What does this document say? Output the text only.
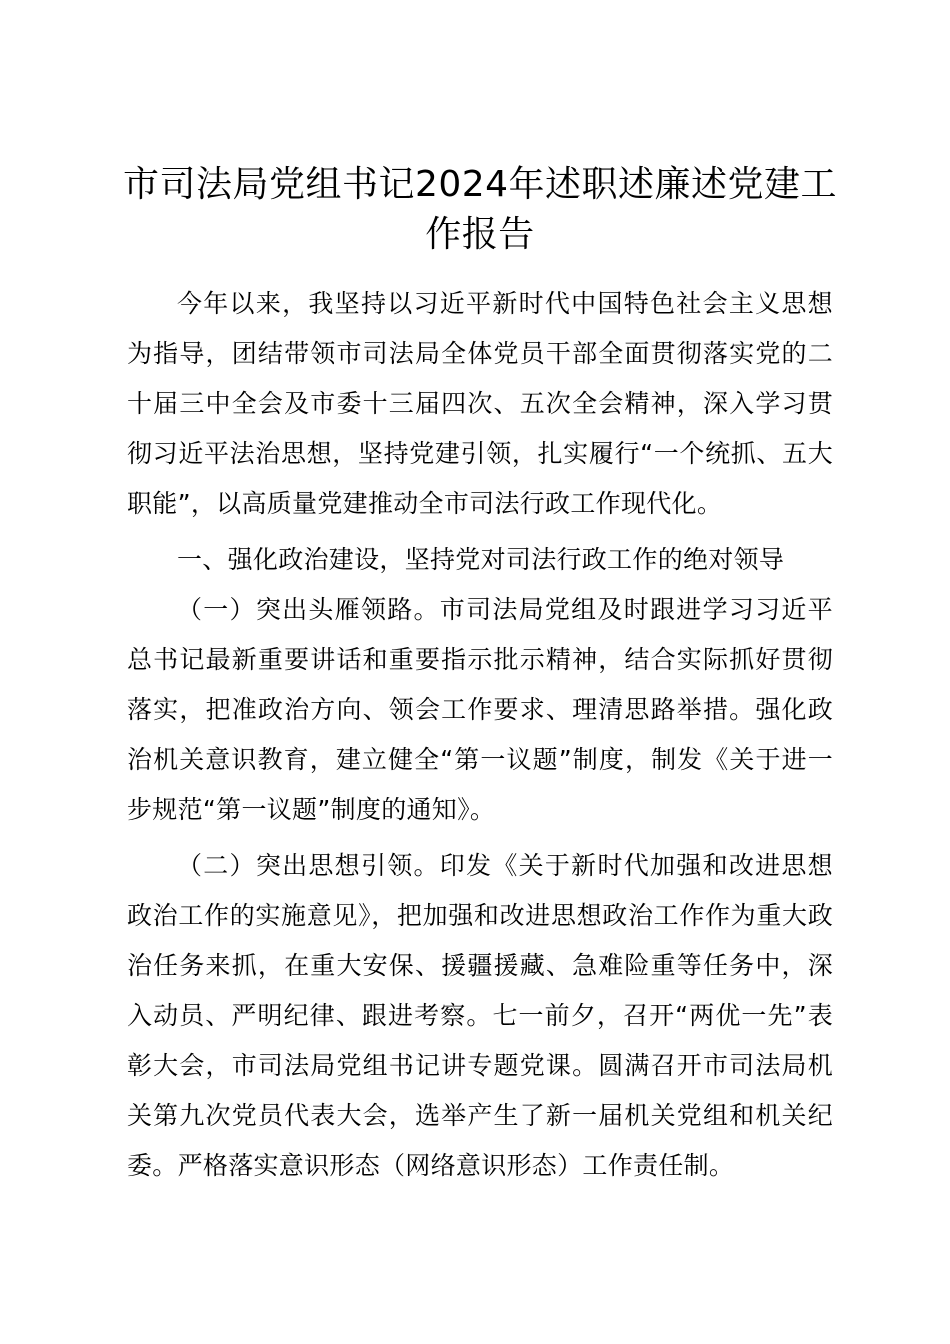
市司法局党组书记2024年述职述廉述党建工作报告

今年以来，我坚持以习近平新时代中国特色社会主义思想为指导，团结带领市司法局全体党员干部全面贯彻落实党的二十届三中全会及市委十三届四次、五次全会精神，深入学习贯彻习近平法治思想，坚持党建引领，扎实履行“一个统抓、五大职能”，以高质量党建推动全市司法行政工作现代化。

一、强化政治建设，坚持党对司法行政工作的绝对领导

（一）突出头雁领路。市司法局党组及时跟进学习习近平总书记最新重要讲话和重要指示批示精神，结合实际抓好贯彻落实，把准政治方向、领会工作要求、理清思路举措。强化政治机关意识教育，建立健全“第一议题”制度，制发《关于进一步规范“第一议题”制度的通知》。

（二）突出思想引领。印发《关于新时代加强和改进思想政治工作的实施意见》，把加强和改进思想政治工作作为重大政治任务来抓，在重大安保、援疆援藏、急难险重等任务中，深入动员、严明纪律、跟进考察。七一前夕，召开“两优一先”表彰大会，市司法局党组书记讲专题党课。圆满召开市司法局机关第九次党员代表大会，选举产生了新一届机关党组和机关纪委。严格落实意识形态（网络意识形态）工作责任制。
